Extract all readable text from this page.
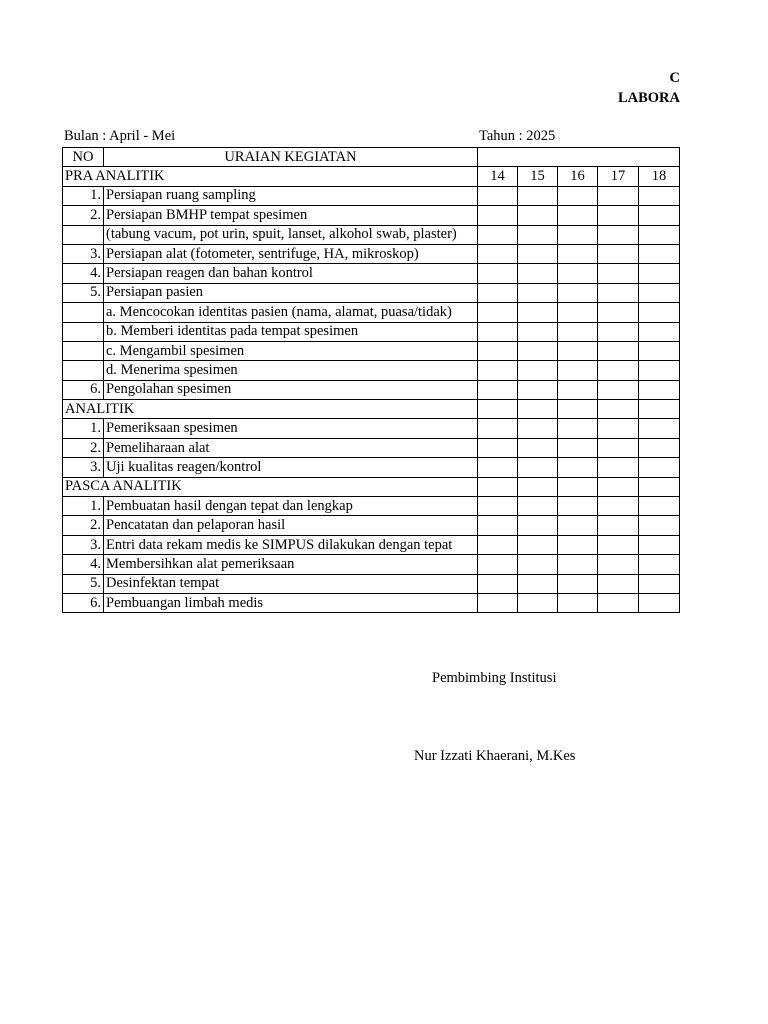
C
LABORA
Bulan : April - Mei	Tahun : 2025
NO	URAIAN KEGIATAN					
PRA ANALITIK		14	15	16	17	18
1.	Persiapan ruang sampling					
2.	Persiapan BMHP tempat spesimen					
	(tabung vacum, pot urin, spuit, lanset, alkohol swab, plaster)					
3.	Persiapan alat (fotometer, sentrifuge, HA, mikroskop)					
4.	Persiapan reagen dan bahan kontrol					
5.	Persiapan pasien					
	a. Mencocokan identitas pasien (nama, alamat, puasa/tidak)					
	b. Memberi identitas pada tempat spesimen					
	c. Mengambil spesimen					
	d. Menerima spesimen					
6.	Pengolahan spesimen					
ANALITIK						
1.	Pemeriksaan spesimen					
2.	Pemeliharaan alat					
3.	Uji kualitas reagen/kontrol					
PASCA ANALITIK						
1.	Pembuatan hasil dengan tepat dan lengkap					
2.	Pencatatan dan pelaporan hasil					
3.	Entri data rekam medis ke SIMPUS dilakukan dengan tepat					
4.	Membersihkan alat pemeriksaan					
5.	Desinfektan tempat					
6.	Pembuangan limbah medis					
Pembimbing Institusi
Nur Izzati Khaerani, M.Kes
